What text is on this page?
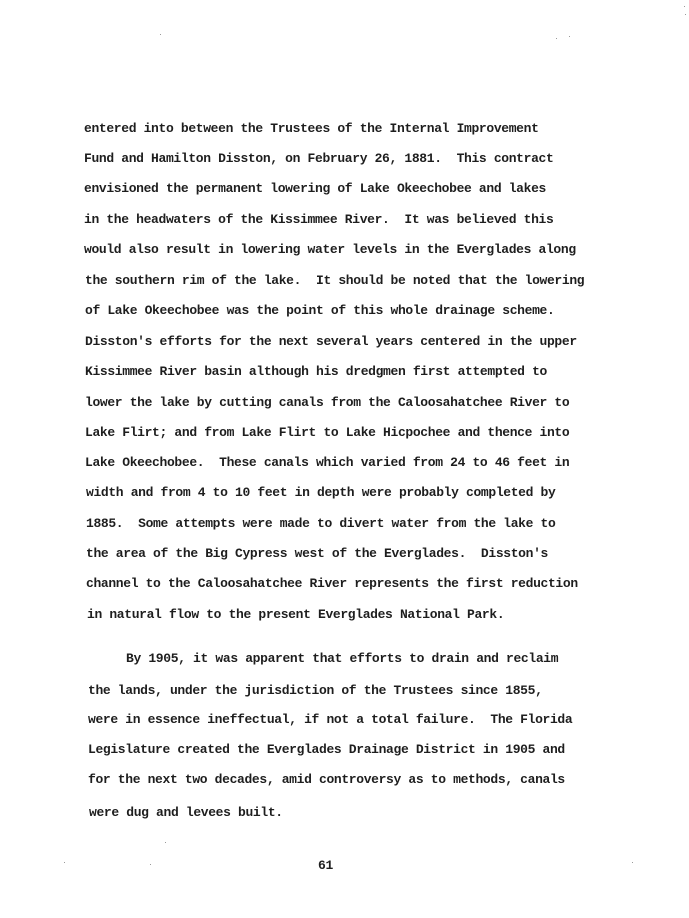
entered into between the Trustees of the Internal Improvement
Fund and Hamilton Disston, on February 26, 1881.  This contract
envisioned the permanent lowering of Lake Okeechobee and lakes
in the headwaters of the Kissimmee River.  It was believed this
would also result in lowering water levels in the Everglades along
the southern rim of the lake.  It should be noted that the lowering
of Lake Okeechobee was the point of this whole drainage scheme.
Disston's efforts for the next several years centered in the upper
Kissimmee River basin although his dredgmen first attempted to
lower the lake by cutting canals from the Caloosahatchee River to
Lake Flirt; and from Lake Flirt to Lake Hicpochee and thence into
Lake Okeechobee.  These canals which varied from 24 to 46 feet in
width and from 4 to 10 feet in depth were probably completed by
1885.  Some attempts were made to divert water from the lake to
the area of the Big Cypress west of the Everglades.  Disston's
channel to the Caloosahatchee River represents the first reduction
in natural flow to the present Everglades National Park.
By 1905, it was apparent that efforts to drain and reclaim
the lands, under the jurisdiction of the Trustees since 1855,
were in essence ineffectual, if not a total failure.  The Florida
Legislature created the Everglades Drainage District in 1905 and
for the next two decades, amid controversy as to methods, canals
were dug and levees built.
61
